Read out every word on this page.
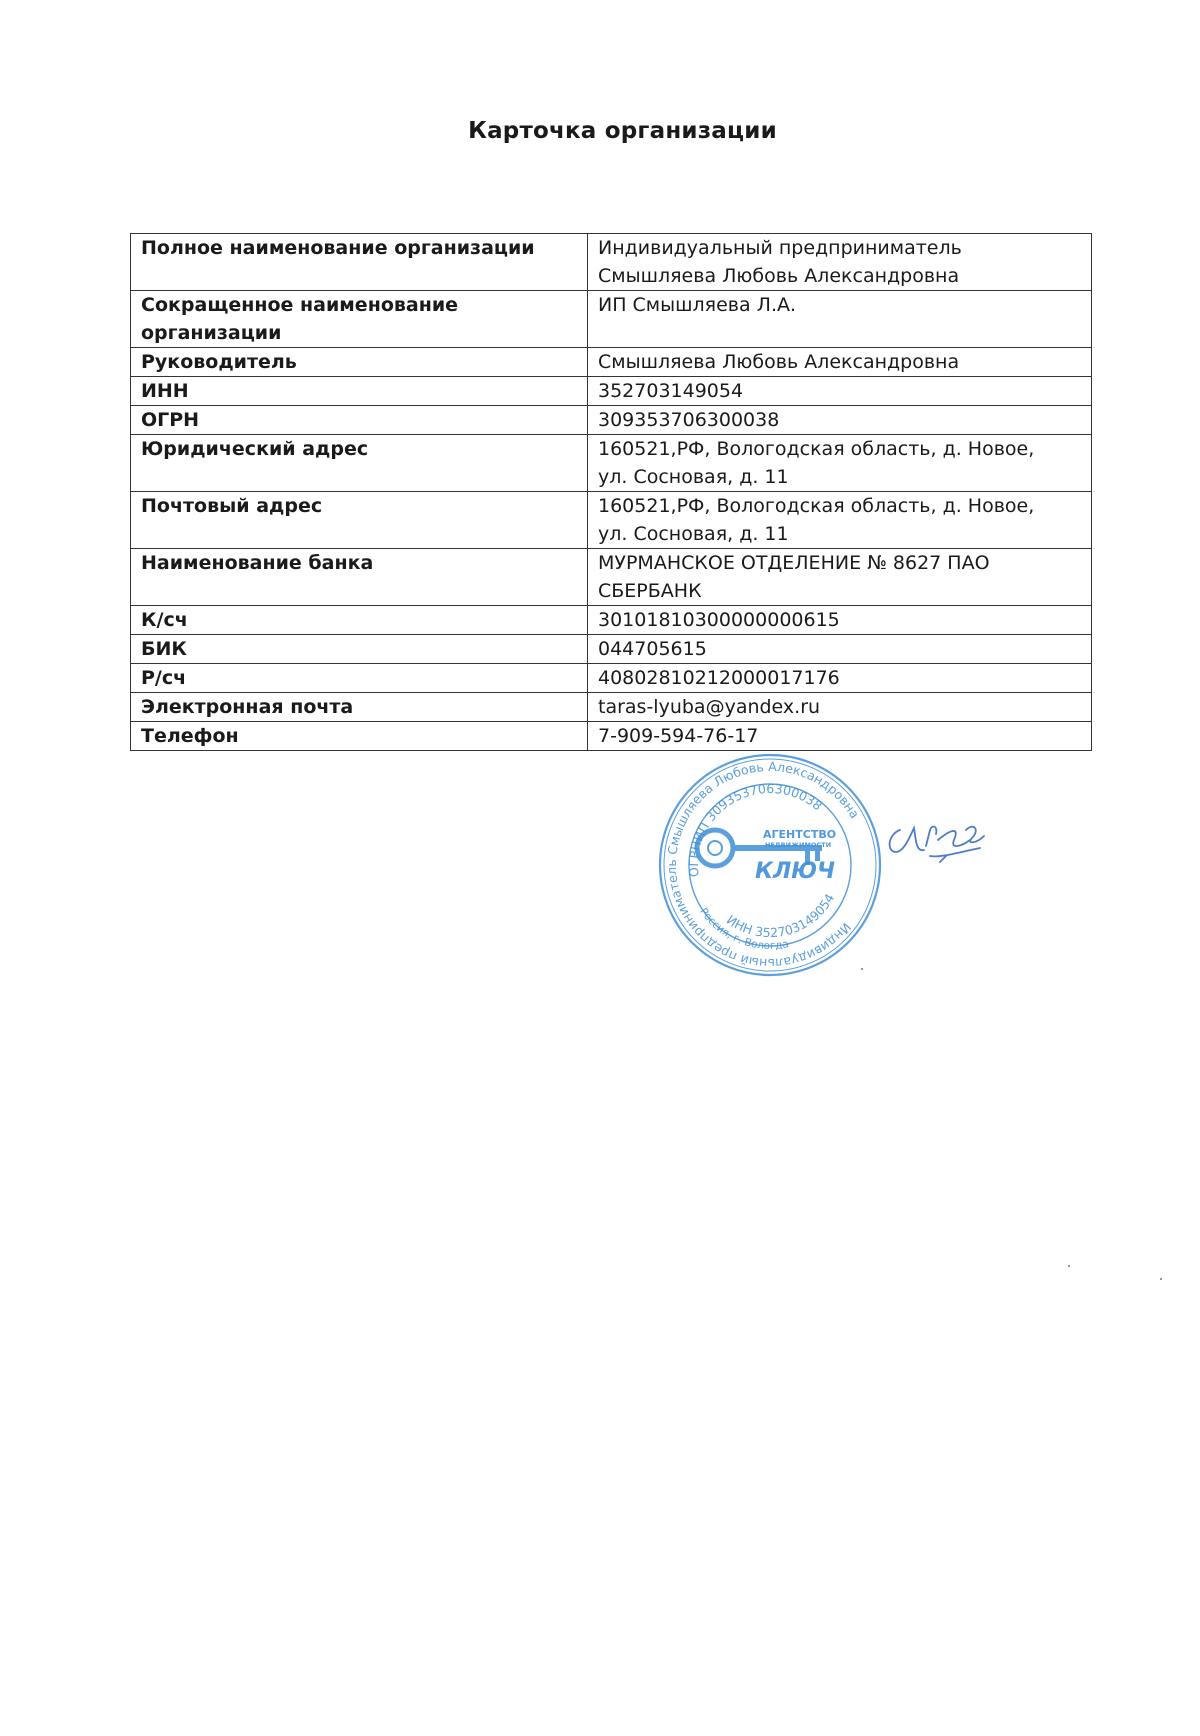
Карточка организации
Полное наименование организации	Индивидуальный предприниматель
Смышляева Любовь Александровна
Сокращенное наименование организации	ИП Смышляева Л.А.
Руководитель	Смышляева Любовь Александровна
ИНН	352703149054
ОГРН	309353706300038
Юридический адрес	160521,РФ, Вологодская область, д. Новое,
ул. Сосновая, д. 11
Почтовый адрес	160521,РФ, Вологодская область, д. Новое,
ул. Сосновая, д. 11
Наименование банка	МУРМАНСКОЕ ОТДЕЛЕНИЕ № 8627 ПАО
СБЕРБАНК
К/сч	30101810300000000615
БИК	044705615
Р/сч	40802810212000017176
Электронная почта	taras-lyuba@yandex.ru
Телефон	7-909-594-76-17
Индивидуальный предприниматель Смышляева Любовь Александровна
ОГРНИП 309353706300038
ИНН 352703149054
Россия, г. Вологда
АГЕНТСТВО
НЕДВИЖИМОСТИ
КЛЮЧ
